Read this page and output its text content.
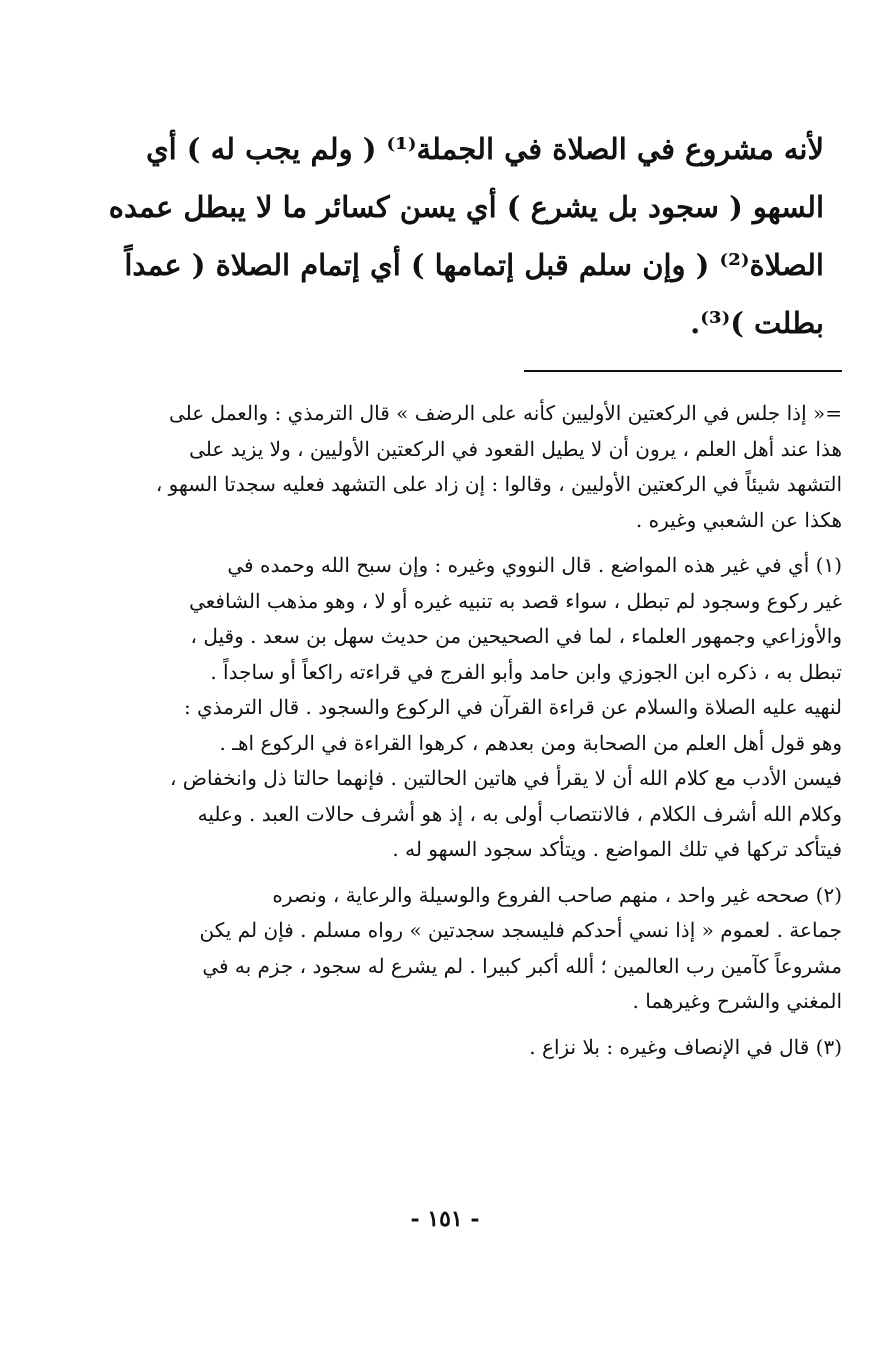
لأنه مشروع في الصلاة في الجملة⁽¹⁾ ( ولم يجب له ) أي
السهو ( سجود بل يشرع ) أي يسن كسائر ما لا يبطل عمده
الصلاة⁽²⁾ ( وإن سلم قبل إتمامها ) أي إتمام الصلاة ( عمداً
بطلت )⁽³⁾.
=« إذا جلس في الركعتين الأوليين كأنه على الرضف » قال الترمذي : والعمل على
هذا عند أهل العلم ، يرون أن لا يطيل القعود في الركعتين الأوليين ، ولا يزيد على
التشهد شيئاً في الركعتين الأوليين ، وقالوا : إن زاد على التشهد فعليه سجدتا السهو ،
هكذا عن الشعبي وغيره .
(١) أي في غير هذه المواضع . قال النووي وغيره : وإن سبح الله وحمده في
غير ركوع وسجود لم تبطل ، سواء قصد به تنبيه غيره أو لا ، وهو مذهب الشافعي
والأوزاعي وجمهور العلماء ، لما في الصحيحين من حديث سهل بن سعد . وقيل ،
تبطل به ، ذكره ابن الجوزي وابن حامد وأبو الفرج في قراءته راكعاً أو ساجداً .
لنهيه عليه الصلاة والسلام عن قراءة القرآن في الركوع والسجود . قال الترمذي :
وهو قول أهل العلم من الصحابة ومن بعدهم ، كرهوا القراءة في الركوع اهـ .
فيسن الأدب مع كلام الله أن لا يقرأ في هاتين الحالتين . فإنهما حالتا ذل وانخفاض ،
وكلام الله أشرف الكلام ، فالانتصاب أولى به ، إذ هو أشرف حالات العبد . وعليه
فيتأكد تركها في تلك المواضع . ويتأكد سجود السهو له .
(٢) صححه غير واحد ، منهم صاحب الفروع والوسيلة والرعاية ، ونصره
جماعة . لعموم « إذا نسي أحدكم فليسجد سجدتين » رواه مسلم . فإن لم يكن
مشروعاً كآمين رب العالمين ؛ ألله أكبر كبيرا . لم يشرع له سجود ، جزم به في
المغني والشرح وغيرهما .
(٣) قال في الإنصاف وغيره : بلا نزاع .
- ١٥١ -
